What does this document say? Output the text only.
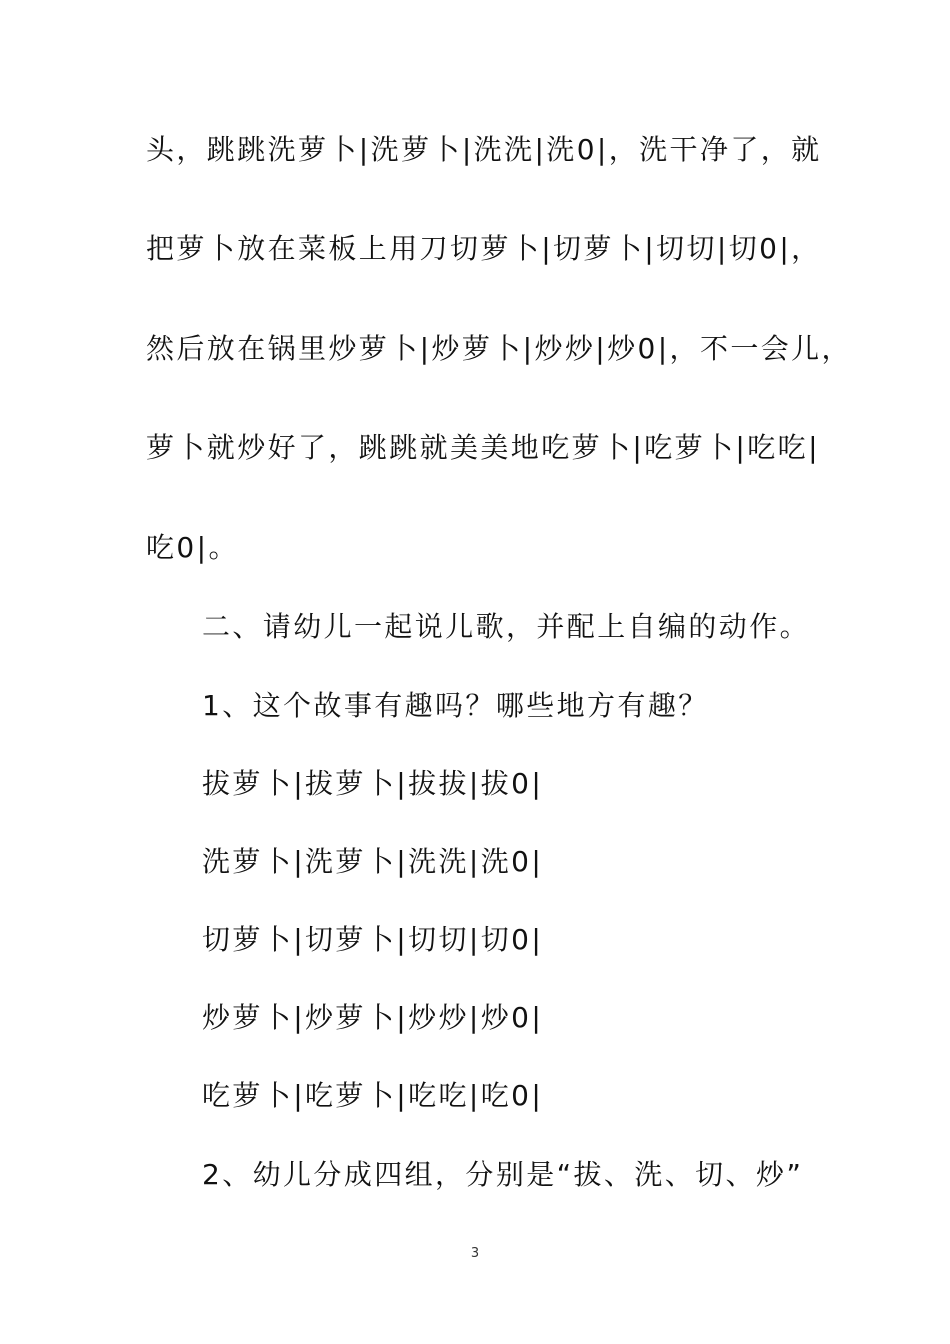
头，跳跳洗萝卜|洗萝卜|洗洗|洗0|，洗干净了，就
把萝卜放在菜板上用刀切萝卜|切萝卜|切切|切0|，
然后放在锅里炒萝卜|炒萝卜|炒炒|炒0|，不一会儿，
萝卜就炒好了，跳跳就美美地吃萝卜|吃萝卜|吃吃|
吃0|。
二、请幼儿一起说儿歌，并配上自编的动作。
1、这个故事有趣吗？哪些地方有趣？
拔萝卜|拔萝卜|拔拔|拔0|
洗萝卜|洗萝卜|洗洗|洗0|
切萝卜|切萝卜|切切|切0|
炒萝卜|炒萝卜|炒炒|炒0|
吃萝卜|吃萝卜|吃吃|吃0|
2、幼儿分成四组，分别是“拔、洗、切、炒”
3
